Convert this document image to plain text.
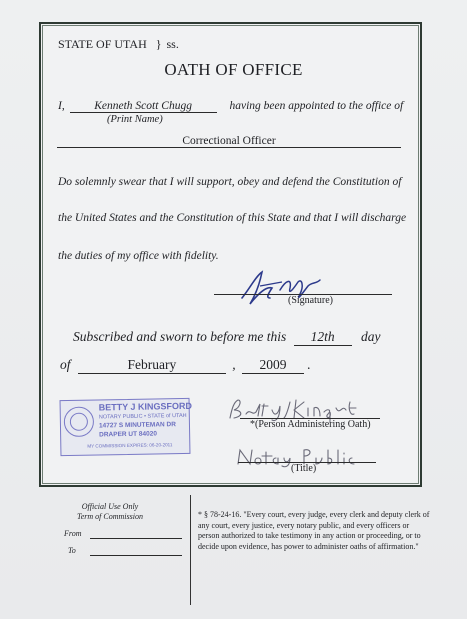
STATE OF UTAH } ss.
OATH OF OFFICE
I,	Kenneth Scott Chugg	having been appointed to the office of
(Print Name)
Correctional Officer
Do solemnly swear that I will support, obey and defend the Constitution of
the United States and the Constitution of this State and that I will discharge
the duties of my office with fidelity.
(Signature)
Subscribed and sworn to before me this 12th day
of	February	, 2009 .
BETTY J KINGSFORD
NOTARY PUBLIC • STATE of UTAH
14727 S MINUTEMAN DR
DRAPER UT 84020
MY COMMISSION EXPIRES: 06-20-2011
*(Person Administering Oath)
(Title)
Official Use Only
Term of Commission
From
To
* § 78-24-16. "Every court, every judge, every clerk and deputy clerk of any court, every justice, every notary public, and every officers or person authorized to take testimony in any action or proceeding, or to decide upon evidence, has power to administer oaths of affirmation."
